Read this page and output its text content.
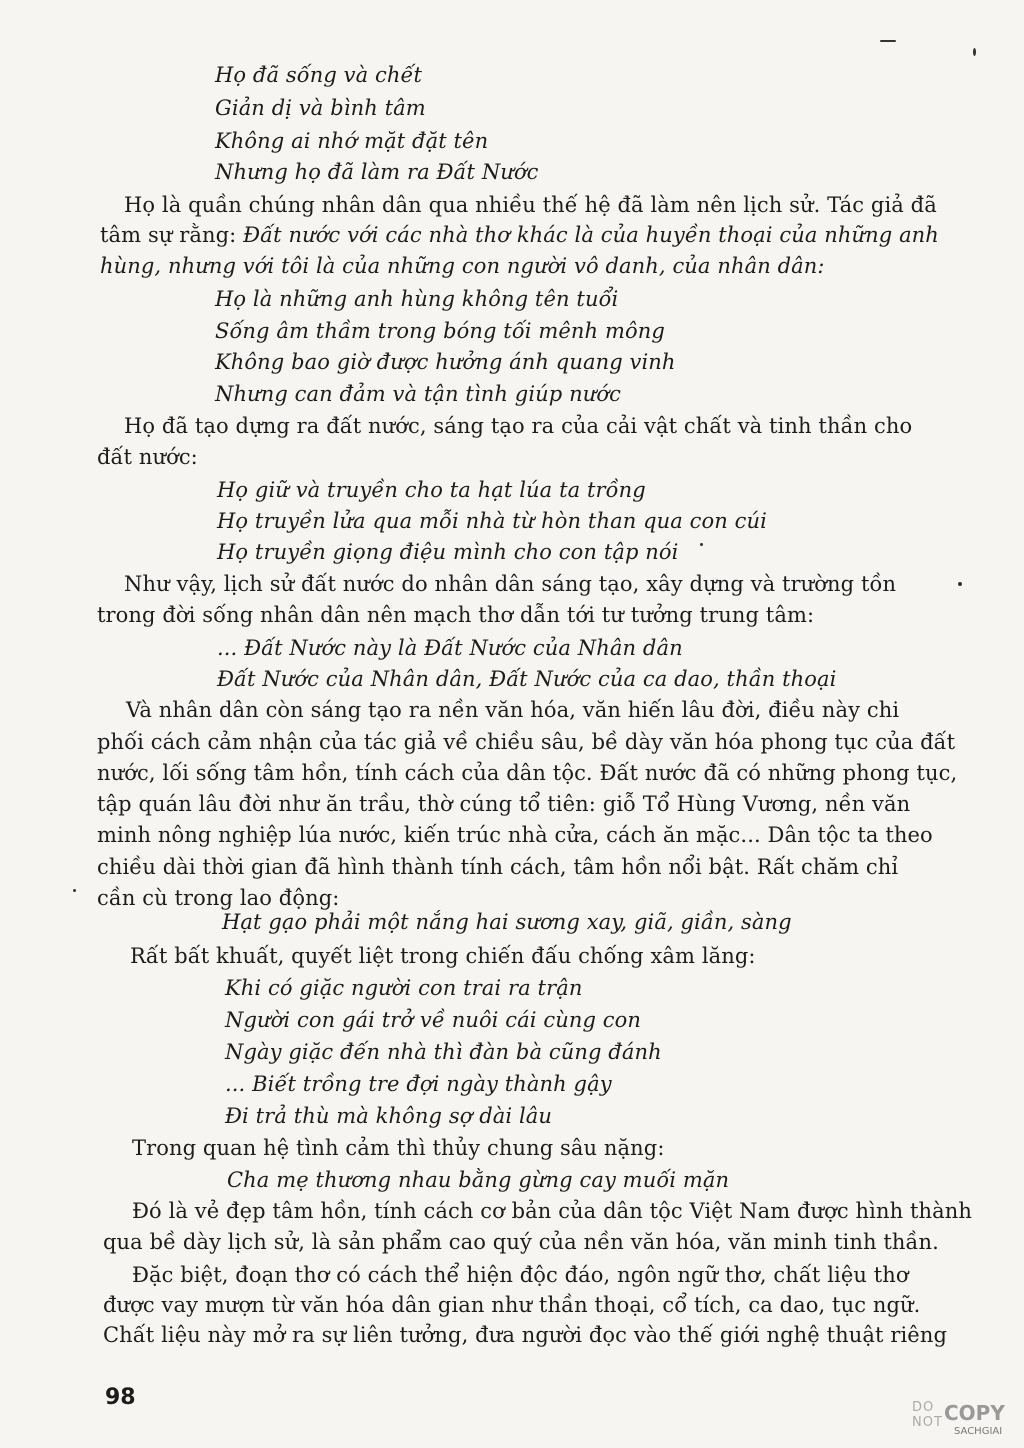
Họ đã sống và chết
Giản dị và bình tâm
Không ai nhớ mặt đặt tên
Nhưng họ đã làm ra Đất Nước
Họ là quần chúng nhân dân qua nhiều thế hệ đã làm nên lịch sử. Tác giả đã
tâm sự rằng: Đất nước với các nhà thơ khác là của huyền thoại của những anh
hùng, nhưng với tôi là của những con người vô danh, của nhân dân:
Họ là những anh hùng không tên tuổi
Sống âm thầm trong bóng tối mênh mông
Không bao giờ được hưởng ánh quang vinh
Nhưng can đảm và tận tình giúp nước
Họ đã tạo dựng ra đất nước, sáng tạo ra của cải vật chất và tinh thần cho
đất nước:
Họ giữ và truyền cho ta hạt lúa ta trồng
Họ truyền lửa qua mỗi nhà từ hòn than qua con cúi
Họ truyền giọng điệu mình cho con tập nói
Như vậy, lịch sử đất nước do nhân dân sáng tạo, xây dựng và trường tồn
trong đời sống nhân dân nên mạch thơ dẫn tới tư tưởng trung tâm:
... Đất Nước này là Đất Nước của Nhân dân
Đất Nước của Nhân dân, Đất Nước của ca dao, thần thoại
Và nhân dân còn sáng tạo ra nền văn hóa, văn hiến lâu đời, điều này chi
phối cách cảm nhận của tác giả về chiều sâu, bề dày văn hóa phong tục của đất
nước, lối sống tâm hồn, tính cách của dân tộc. Đất nước đã có những phong tục,
tập quán lâu đời như ăn trầu, thờ cúng tổ tiên: giỗ Tổ Hùng Vương, nền văn
minh nông nghiệp lúa nước, kiến trúc nhà cửa, cách ăn mặc... Dân tộc ta theo
chiều dài thời gian đã hình thành tính cách, tâm hồn nổi bật. Rất chăm chỉ
cần cù trong lao động:
Hạt gạo phải một nắng hai sương xay, giã, giần, sàng
Rất bất khuất, quyết liệt trong chiến đấu chống xâm lăng:
Khi có giặc người con trai ra trận
Người con gái trở về nuôi cái cùng con
Ngày giặc đến nhà thì đàn bà cũng đánh
... Biết trồng tre đợi ngày thành gậy
Đi trả thù mà không sợ dài lâu
Trong quan hệ tình cảm thì thủy chung sâu nặng:
Cha mẹ thương nhau bằng gừng cay muối mặn
Đó là vẻ đẹp tâm hồn, tính cách cơ bản của dân tộc Việt Nam được hình thành
qua bề dày lịch sử, là sản phẩm cao quý của nền văn hóa, văn minh tinh thần.
Đặc biệt, đoạn thơ có cách thể hiện độc đáo, ngôn ngữ thơ, chất liệu thơ
được vay mượn từ văn hóa dân gian như thần thoại, cổ tích, ca dao, tục ngữ.
Chất liệu này mở ra sự liên tưởng, đưa người đọc vào thế giới nghệ thuật riêng
98	DO
NOT COPY
SACHGIAI
